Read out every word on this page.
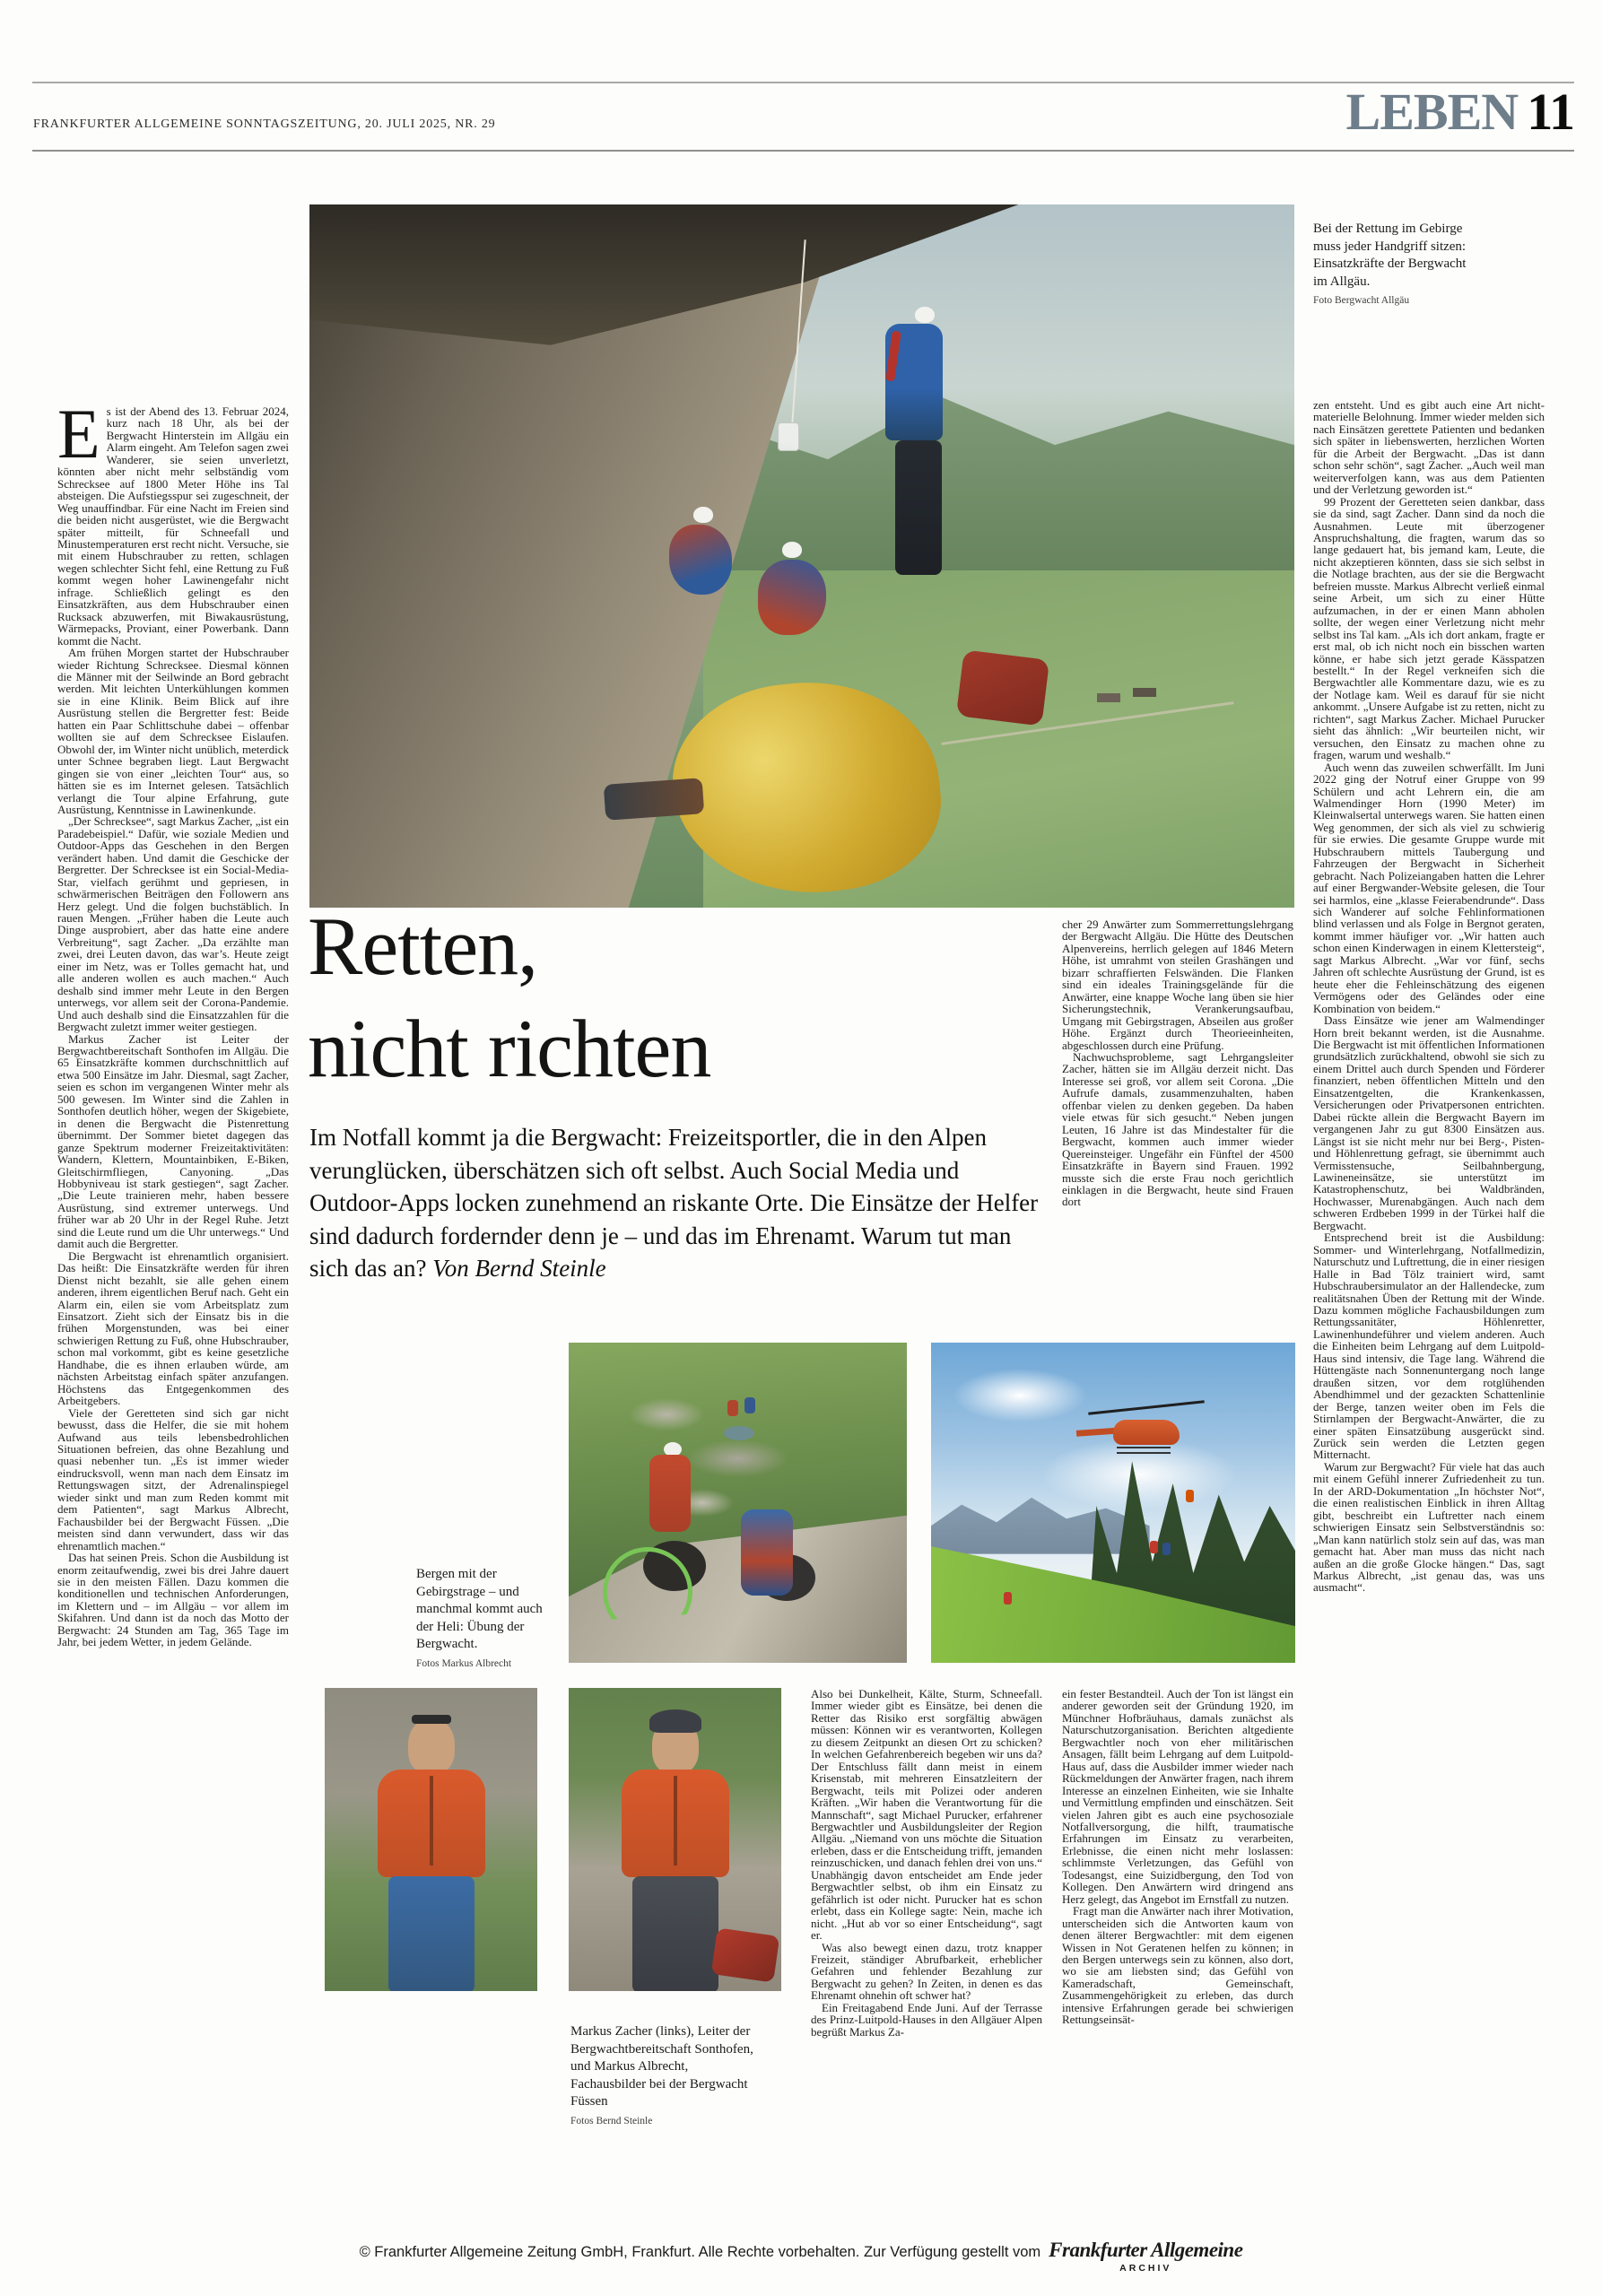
FRANKFURTER ALLGEMEINE SONNTAGSZEITUNG, 20. JULI 2025, NR. 29	LEBEN 11
Bei der Rettung im Gebirge muss jeder Handgriff sitzen: Einsatzkräfte der Bergwacht im Allgäu.
Foto Bergwacht Allgäu
Retten,
nicht richten
Im Notfall kommt ja die Bergwacht: Freizeitsportler, die in den Alpen verunglücken, überschätzen sich oft selbst. Auch Social Media und Outdoor-Apps locken zunehmend an riskante Orte. Die Einsätze der Helfer sind dadurch fordernder denn je – und das im Ehrenamt. Warum tut man sich das an? Von Bernd Steinle

Es ist der Abend des 13. Februar 2024, kurz nach 18 Uhr, als bei der Bergwacht Hinterstein im Allgäu ein Alarm eingeht. Am Telefon sagen zwei Wanderer, sie seien unverletzt, könnten aber nicht mehr selbständig vom Schrecksee auf 1800 Meter Höhe ins Tal absteigen. Die Aufstiegsspur sei zugeschneit, der Weg unauffindbar. Für eine Nacht im Freien sind die beiden nicht ausgerüstet, wie die Bergwacht später mitteilt, für Schneefall und Minustemperaturen erst recht nicht. Versuche, sie mit einem Hubschrauber zu retten, schlagen wegen schlechter Sicht fehl, eine Rettung zu Fuß kommt wegen hoher Lawinengefahr nicht infrage. Schließlich gelingt es den Einsatzkräften, aus dem Hubschrauber einen Rucksack abzuwerfen, mit Biwakausrüstung, Wärmepacks, Proviant, einer Powerbank. Dann kommt die Nacht.

Am frühen Morgen startet der Hubschrauber wieder Richtung Schrecksee. Diesmal können die Männer mit der Seilwinde an Bord gebracht werden. Mit leichten Unterkühlungen kommen sie in eine Klinik. Beim Blick auf ihre Ausrüstung stellen die Bergretter fest: Beide hatten ein Paar Schlittschuhe dabei – offenbar wollten sie auf dem Schrecksee Eislaufen. Obwohl der, im Winter nicht unüblich, meterdick unter Schnee begraben liegt. Laut Bergwacht gingen sie von einer „leichten Tour“ aus, so hätten sie es im Internet gelesen. Tatsächlich verlangt die Tour alpine Erfahrung, gute Ausrüstung, Kenntnisse in Lawinenkunde.

„Der Schrecksee“, sagt Markus Zacher, „ist ein Paradebeispiel.“ Dafür, wie soziale Medien und Outdoor-Apps das Geschehen in den Bergen verändert haben. Und damit die Geschicke der Bergretter. Der Schrecksee ist ein Social-Media-Star, vielfach gerühmt und gepriesen, in schwärmerischen Beiträgen den Followern ans Herz gelegt. Und die folgen buchstäblich. In rauen Mengen. „Früher haben die Leute auch Dinge ausprobiert, aber das hatte eine andere Verbreitung“, sagt Zacher. „Da erzählte man zwei, drei Leuten davon, das war’s. Heute zeigt einer im Netz, was er Tolles gemacht hat, und alle anderen wollen es auch machen.“ Auch deshalb sind immer mehr Leute in den Bergen unterwegs, vor allem seit der Corona-Pandemie. Und auch deshalb sind die Einsatzzahlen für die Bergwacht zuletzt immer weiter gestiegen.

Markus Zacher ist Leiter der Bergwachtbereitschaft Sonthofen im Allgäu. Die 65 Einsatzkräfte kommen durchschnittlich auf etwa 500 Einsätze im Jahr. Diesmal, sagt Zacher, seien es schon im vergangenen Winter mehr als 500 gewesen. Im Winter sind die Zahlen in Sonthofen deutlich höher, wegen der Skigebiete, in denen die Bergwacht die Pistenrettung übernimmt. Der Sommer bietet dagegen das ganze Spektrum moderner Freizeitaktivitäten: Wandern, Klettern, Mountainbiken, E-Biken, Gleitschirmfliegen, Canyoning. „Das Hobbyniveau ist stark gestiegen“, sagt Zacher. „Die Leute trainieren mehr, haben bessere Ausrüstung, sind extremer unterwegs. Und früher war ab 20 Uhr in der Regel Ruhe. Jetzt sind die Leute rund um die Uhr unterwegs.“ Und damit auch die Bergretter.

Die Bergwacht ist ehrenamtlich organisiert. Das heißt: Die Einsatzkräfte werden für ihren Dienst nicht bezahlt, sie alle gehen einem anderen, ihrem eigentlichen Beruf nach. Geht ein Alarm ein, eilen sie vom Arbeitsplatz zum Einsatzort. Zieht sich der Einsatz bis in die frühen Morgenstunden, was bei einer schwierigen Rettung zu Fuß, ohne Hubschrauber, schon mal vorkommt, gibt es keine gesetzliche Handhabe, die es ihnen erlauben würde, am nächsten Arbeitstag einfach später anzufangen. Höchstens das Entgegenkommen des Arbeitgebers.

Viele der Geretteten sind sich gar nicht bewusst, dass die Helfer, die sie mit hohem Aufwand aus teils lebensbedrohlichen Situationen befreien, das ohne Bezahlung und quasi nebenher tun. „Es ist immer wieder eindrucksvoll, wenn man nach dem Einsatz im Rettungswagen sitzt, der Adrenalinspiegel wieder sinkt und man zum Reden kommt mit dem Patienten“, sagt Markus Albrecht, Fachausbilder bei der Bergwacht Füssen. „Die meisten sind dann verwundert, dass wir das ehrenamtlich machen.“

Das hat seinen Preis. Schon die Ausbildung ist enorm zeitaufwendig, zwei bis drei Jahre dauert sie in den meisten Fällen. Dazu kommen die konditionellen und technischen Anforderungen, im Klettern und – im Allgäu – vor allem im Skifahren. Und dann ist da noch das Motto der Bergwacht: 24 Stunden am Tag, 365 Tage im Jahr, bei jedem Wetter, in jedem Gelände.

Also bei Dunkelheit, Kälte, Sturm, Schneefall. Immer wieder gibt es Einsätze, bei denen die Retter das Risiko erst sorgfältig abwägen müssen: Können wir es verantworten, Kollegen zu diesem Zeitpunkt an diesen Ort zu schicken? In welchen Gefahrenbereich begeben wir uns da? Der Entschluss fällt dann meist in einem Krisenstab, mit mehreren Einsatzleitern der Bergwacht, teils mit Polizei oder anderen Kräften. „Wir haben die Verantwortung für die Mannschaft“, sagt Michael Purucker, erfahrener Bergwachtler und Ausbildungsleiter der Region Allgäu. „Niemand von uns möchte die Situation erleben, dass er die Entscheidung trifft, jemanden reinzuschicken, und danach fehlen drei von uns.“ Unabhängig davon entscheidet am Ende jeder Bergwachtler selbst, ob ihm ein Einsatz zu gefährlich ist oder nicht. Purucker hat es schon erlebt, dass ein Kollege sagte: Nein, mache ich nicht. „Hut ab vor so einer Entscheidung“, sagt er.

Was also bewegt einen dazu, trotz knapper Freizeit, ständiger Abrufbarkeit, erheblicher Gefahren und fehlender Bezahlung zur Bergwacht zu gehen? In Zeiten, in denen es das Ehrenamt ohnehin oft schwer hat?

Ein Freitagabend Ende Juni. Auf der Terrasse des Prinz-Luitpold-Hauses in den Allgäuer Alpen begrüßt Markus Za-

cher 29 Anwärter zum Sommerrettungslehrgang der Bergwacht Allgäu. Die Hütte des Deutschen Alpenvereins, herrlich gelegen auf 1846 Metern Höhe, ist umrahmt von steilen Grashängen und bizarr schraffierten Felswänden. Die Flanken sind ein ideales Trainingsgelände für die Anwärter, eine knappe Woche lang üben sie hier Sicherungstechnik, Verankerungsaufbau, Umgang mit Gebirgstragen, Abseilen aus großer Höhe. Ergänzt durch Theorieeinheiten, abgeschlossen durch eine Prüfung.

Nachwuchsprobleme, sagt Lehrgangsleiter Zacher, hätten sie im Allgäu derzeit nicht. Das Interesse sei groß, vor allem seit Corona. „Die Aufrufe damals, zusammenzuhalten, haben offenbar vielen zu denken gegeben. Da haben viele etwas für sich gesucht.“ Neben jungen Leuten, 16 Jahre ist das Mindestalter für die Bergwacht, kommen auch immer wieder Quereinsteiger. Ungefähr ein Fünftel der 4500 Einsatzkräfte in Bayern sind Frauen. 1992 musste sich die erste Frau noch gerichtlich einklagen in die Bergwacht, heute sind Frauen dort

ein fester Bestandteil. Auch der Ton ist längst ein anderer geworden seit der Gründung 1920, im Münchner Hofbräuhaus, damals zunächst als Naturschutzorganisation. Berichten altgediente Bergwachtler noch von eher militärischen Ansagen, fällt beim Lehrgang auf dem Luitpold-Haus auf, dass die Ausbilder immer wieder nach Rückmeldungen der Anwärter fragen, nach ihrem Interesse an einzelnen Einheiten, wie sie Inhalte und Vermittlung empfinden und einschätzen. Seit vielen Jahren gibt es auch eine psychosoziale Notfallversorgung, die hilft, traumatische Erfahrungen im Einsatz zu verarbeiten, Erlebnisse, die einen nicht mehr loslassen: schlimmste Verletzungen, das Gefühl von Todesangst, eine Suizidbergung, den Tod von Kollegen. Den Anwärtern wird dringend ans Herz gelegt, das Angebot im Ernstfall zu nutzen.

Fragt man die Anwärter nach ihrer Motivation, unterscheiden sich die Antworten kaum von denen älterer Bergwachtler: mit dem eigenen Wissen in Not Geratenen helfen zu können; in den Bergen unterwegs sein zu können, also dort, wo sie am liebsten sind; das Gefühl von Kameradschaft, Gemeinschaft, Zusammengehörigkeit zu erleben, das durch intensive Erfahrungen gerade bei schwierigen Rettungseinsät-

zen entsteht. Und es gibt auch eine Art nicht-materielle Belohnung. Immer wieder melden sich nach Einsätzen gerettete Patienten und bedanken sich später in liebenswerten, herzlichen Worten für die Arbeit der Bergwacht. „Das ist dann schon sehr schön“, sagt Zacher. „Auch weil man weiterverfolgen kann, was aus dem Patienten und der Verletzung geworden ist.“

99 Prozent der Geretteten seien dankbar, dass sie da sind, sagt Zacher. Dann sind da noch die Ausnahmen. Leute mit überzogener Anspruchshaltung, die fragten, warum das so lange gedauert hat, bis jemand kam, Leute, die nicht akzeptieren könnten, dass sie sich selbst in die Notlage brachten, aus der sie die Bergwacht befreien musste. Markus Albrecht verließ einmal seine Arbeit, um sich zu einer Hütte aufzumachen, in der er einen Mann abholen sollte, der wegen einer Verletzung nicht mehr selbst ins Tal kam. „Als ich dort ankam, fragte er erst mal, ob ich nicht noch ein bisschen warten könne, er habe sich jetzt gerade Kässpatzen bestellt.“ In der Regel verkneifen sich die Bergwachtler alle Kommentare dazu, wie es zu der Notlage kam. Weil es darauf für sie nicht ankommt. „Unsere Aufgabe ist zu retten, nicht zu richten“, sagt Markus Zacher. Michael Purucker sieht das ähnlich: „Wir beurteilen nicht, wir versuchen, den Einsatz zu machen ohne zu fragen, warum und weshalb.“

Auch wenn das zuweilen schwerfällt. Im Juni 2022 ging der Notruf einer Gruppe von 99 Schülern und acht Lehrern ein, die am Walmendinger Horn (1990 Meter) im Kleinwalsertal unterwegs waren. Sie hatten einen Weg genommen, der sich als viel zu schwierig für sie erwies. Die gesamte Gruppe wurde mit Hubschraubern mittels Taubergung und Fahrzeugen der Bergwacht in Sicherheit gebracht. Nach Polizeiangaben hatten die Lehrer auf einer Bergwander-Website gelesen, die Tour sei harmlos, eine „klasse Feierabendrunde“. Dass sich Wanderer auf solche Fehlinformationen blind verlassen und als Folge in Bergnot geraten, kommt immer häufiger vor. „Wir hatten auch schon einen Kinderwagen in einem Klettersteig“, sagt Markus Albrecht. „War vor fünf, sechs Jahren oft schlechte Ausrüstung der Grund, ist es heute eher die Fehleinschätzung des eigenen Vermögens oder des Geländes oder eine Kombination von beidem.“

Dass Einsätze wie jener am Walmendinger Horn breit bekannt werden, ist die Ausnahme. Die Bergwacht ist mit öffentlichen Informationen grundsätzlich zurückhaltend, obwohl sie sich zu einem Drittel auch durch Spenden und Förderer finanziert, neben öffentlichen Mitteln und den Einsatzentgelten, die Krankenkassen, Versicherungen oder Privatpersonen entrichten. Dabei rückte allein die Bergwacht Bayern im vergangenen Jahr zu gut 8300 Einsätzen aus. Längst ist sie nicht mehr nur bei Berg-, Pisten- und Höhlenrettung gefragt, sie übernimmt auch Vermisstensuche, Seilbahnbergung, Lawineneinsätze, sie unterstützt im Katastrophenschutz, bei Waldbränden, Hochwasser, Murenabgängen. Auch nach dem schweren Erdbeben 1999 in der Türkei half die Bergwacht.

Entsprechend breit ist die Ausbildung: Sommer- und Winterlehrgang, Notfallmedizin, Naturschutz und Luftrettung, die in einer riesigen Halle in Bad Tölz trainiert wird, samt Hubschraubersimulator an der Hallendecke, zum realitätsnahen Üben der Rettung mit der Winde. Dazu kommen mögliche Fachausbildungen zum Rettungssanitäter, Höhlenretter, Lawinenhundeführer und vielem anderen. Auch die Einheiten beim Lehrgang auf dem Luitpold-Haus sind intensiv, die Tage lang. Während die Hüttengäste nach Sonnenuntergang noch lange draußen sitzen, vor dem rotglühenden Abendhimmel und der gezackten Schattenlinie der Berge, tanzen weiter oben im Fels die Stirnlampen der Bergwacht-Anwärter, die zu einer späten Einsatzübung ausgerückt sind. Zurück sein werden die Letzten gegen Mitternacht.

Warum zur Bergwacht? Für viele hat das auch mit einem Gefühl innerer Zufriedenheit zu tun. In der ARD-Dokumentation „In höchster Not“, die einen realistischen Einblick in ihren Alltag gibt, beschreibt ein Luftretter nach einem schwierigen Einsatz sein Selbstverständnis so: „Man kann natürlich stolz sein auf das, was man gemacht hat. Aber man muss das nicht nach außen an die große Glocke hängen.“ Das, sagt Markus Albrecht, „ist genau das, was uns ausmacht“.

Bergen mit der Gebirgstrage – und manchmal kommt auch der Heli: Übung der Bergwacht.
Fotos Markus Albrecht
Markus Zacher (links), Leiter der Bergwachtbereitschaft Sonthofen, und Markus Albrecht, Fachausbilder bei der Bergwacht Füssen
Fotos Bernd Steinle
© Frankfurter Allgemeine Zeitung GmbH, Frankfurt. Alle Rechte vorbehalten. Zur Verfügung gestellt vom Frankfurter Allgemeine
ARCHIV
